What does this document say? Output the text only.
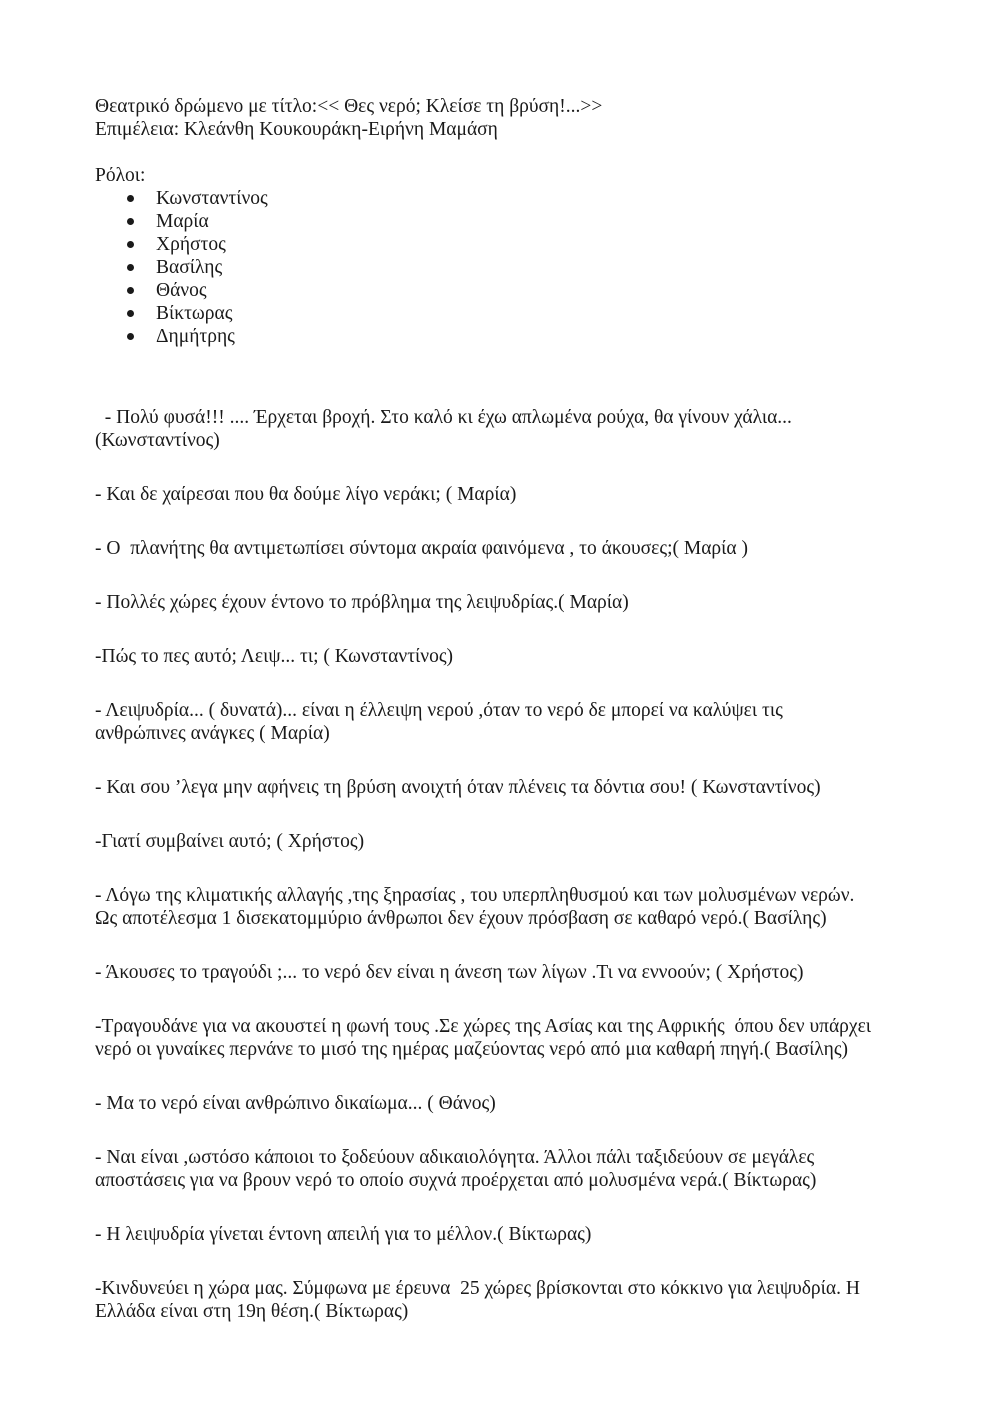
Θεατρικό δρώμενο με τίτλο:<< Θες νερό; Κλείσε τη βρύση!...>>

Επιμέλεια: Κλεάνθη Κουκουράκη-Ειρήνη Μαμάση

Ρόλοι:

Κωνσταντίνος
Μαρία
Χρήστος
Βασίλης
Θάνος
Βίκτωρας
Δημήτρης

- Πολύ φυσά!!! .... Έρχεται βροχή. Στο καλό κι έχω απλωμένα ρούχα, θα γίνουν χάλια...
(Κωνσταντίνος)

- Και δε χαίρεσαι που θα δούμε λίγο νεράκι; ( Μαρία)

- Ο  πλανήτης θα αντιμετωπίσει σύντομα ακραία φαινόμενα , το άκουσες;( Μαρία )

- Πολλές χώρες έχουν έντονο το πρόβλημα της λειψυδρίας.( Μαρία)

-Πώς το πες αυτό; Λειψ... τι; ( Κωνσταντίνος)

- Λειψυδρία... ( δυνατά)... είναι η έλλειψη νερού ,όταν το νερό δε μπορεί να καλύψει τις
ανθρώπινες ανάγκες ( Μαρία)

- Και σου ’λεγα μην αφήνεις τη βρύση ανοιχτή όταν πλένεις τα δόντια σου! ( Κωνσταντίνος)

-Γιατί συμβαίνει αυτό; ( Χρήστος)

- Λόγω της κλιματικής αλλαγής ,της ξηρασίας , του υπερπληθυσμού και των μολυσμένων νερών.
Ως αποτέλεσμα 1 δισεκατομμύριο άνθρωποι δεν έχουν πρόσβαση σε καθαρό νερό.( Βασίλης)

- Άκουσες το τραγούδι ;... το νερό δεν είναι η άνεση των λίγων .Τι να εννοούν; ( Χρήστος)

-Τραγουδάνε για να ακουστεί η φωνή τους .Σε χώρες της Ασίας και της Αφρικής  όπου δεν υπάρχει
νερό οι γυναίκες περνάνε το μισό της ημέρας μαζεύοντας νερό από μια καθαρή πηγή.( Βασίλης)

- Μα το νερό είναι ανθρώπινο δικαίωμα... ( Θάνος)

- Ναι είναι ,ωστόσο κάποιοι το ξοδεύουν αδικαιολόγητα. Άλλοι πάλι ταξιδεύουν σε μεγάλες
αποστάσεις για να βρουν νερό το οποίο συχνά προέρχεται από μολυσμένα νερά.( Βίκτωρας)

- Η λειψυδρία γίνεται έντονη απειλή για το μέλλον.( Βίκτωρας)

-Κινδυνεύει η χώρα μας. Σύμφωνα με έρευνα  25 χώρες βρίσκονται στο κόκκινο για λειψυδρία. Η
Ελλάδα είναι στη 19η θέση.( Βίκτωρας)
